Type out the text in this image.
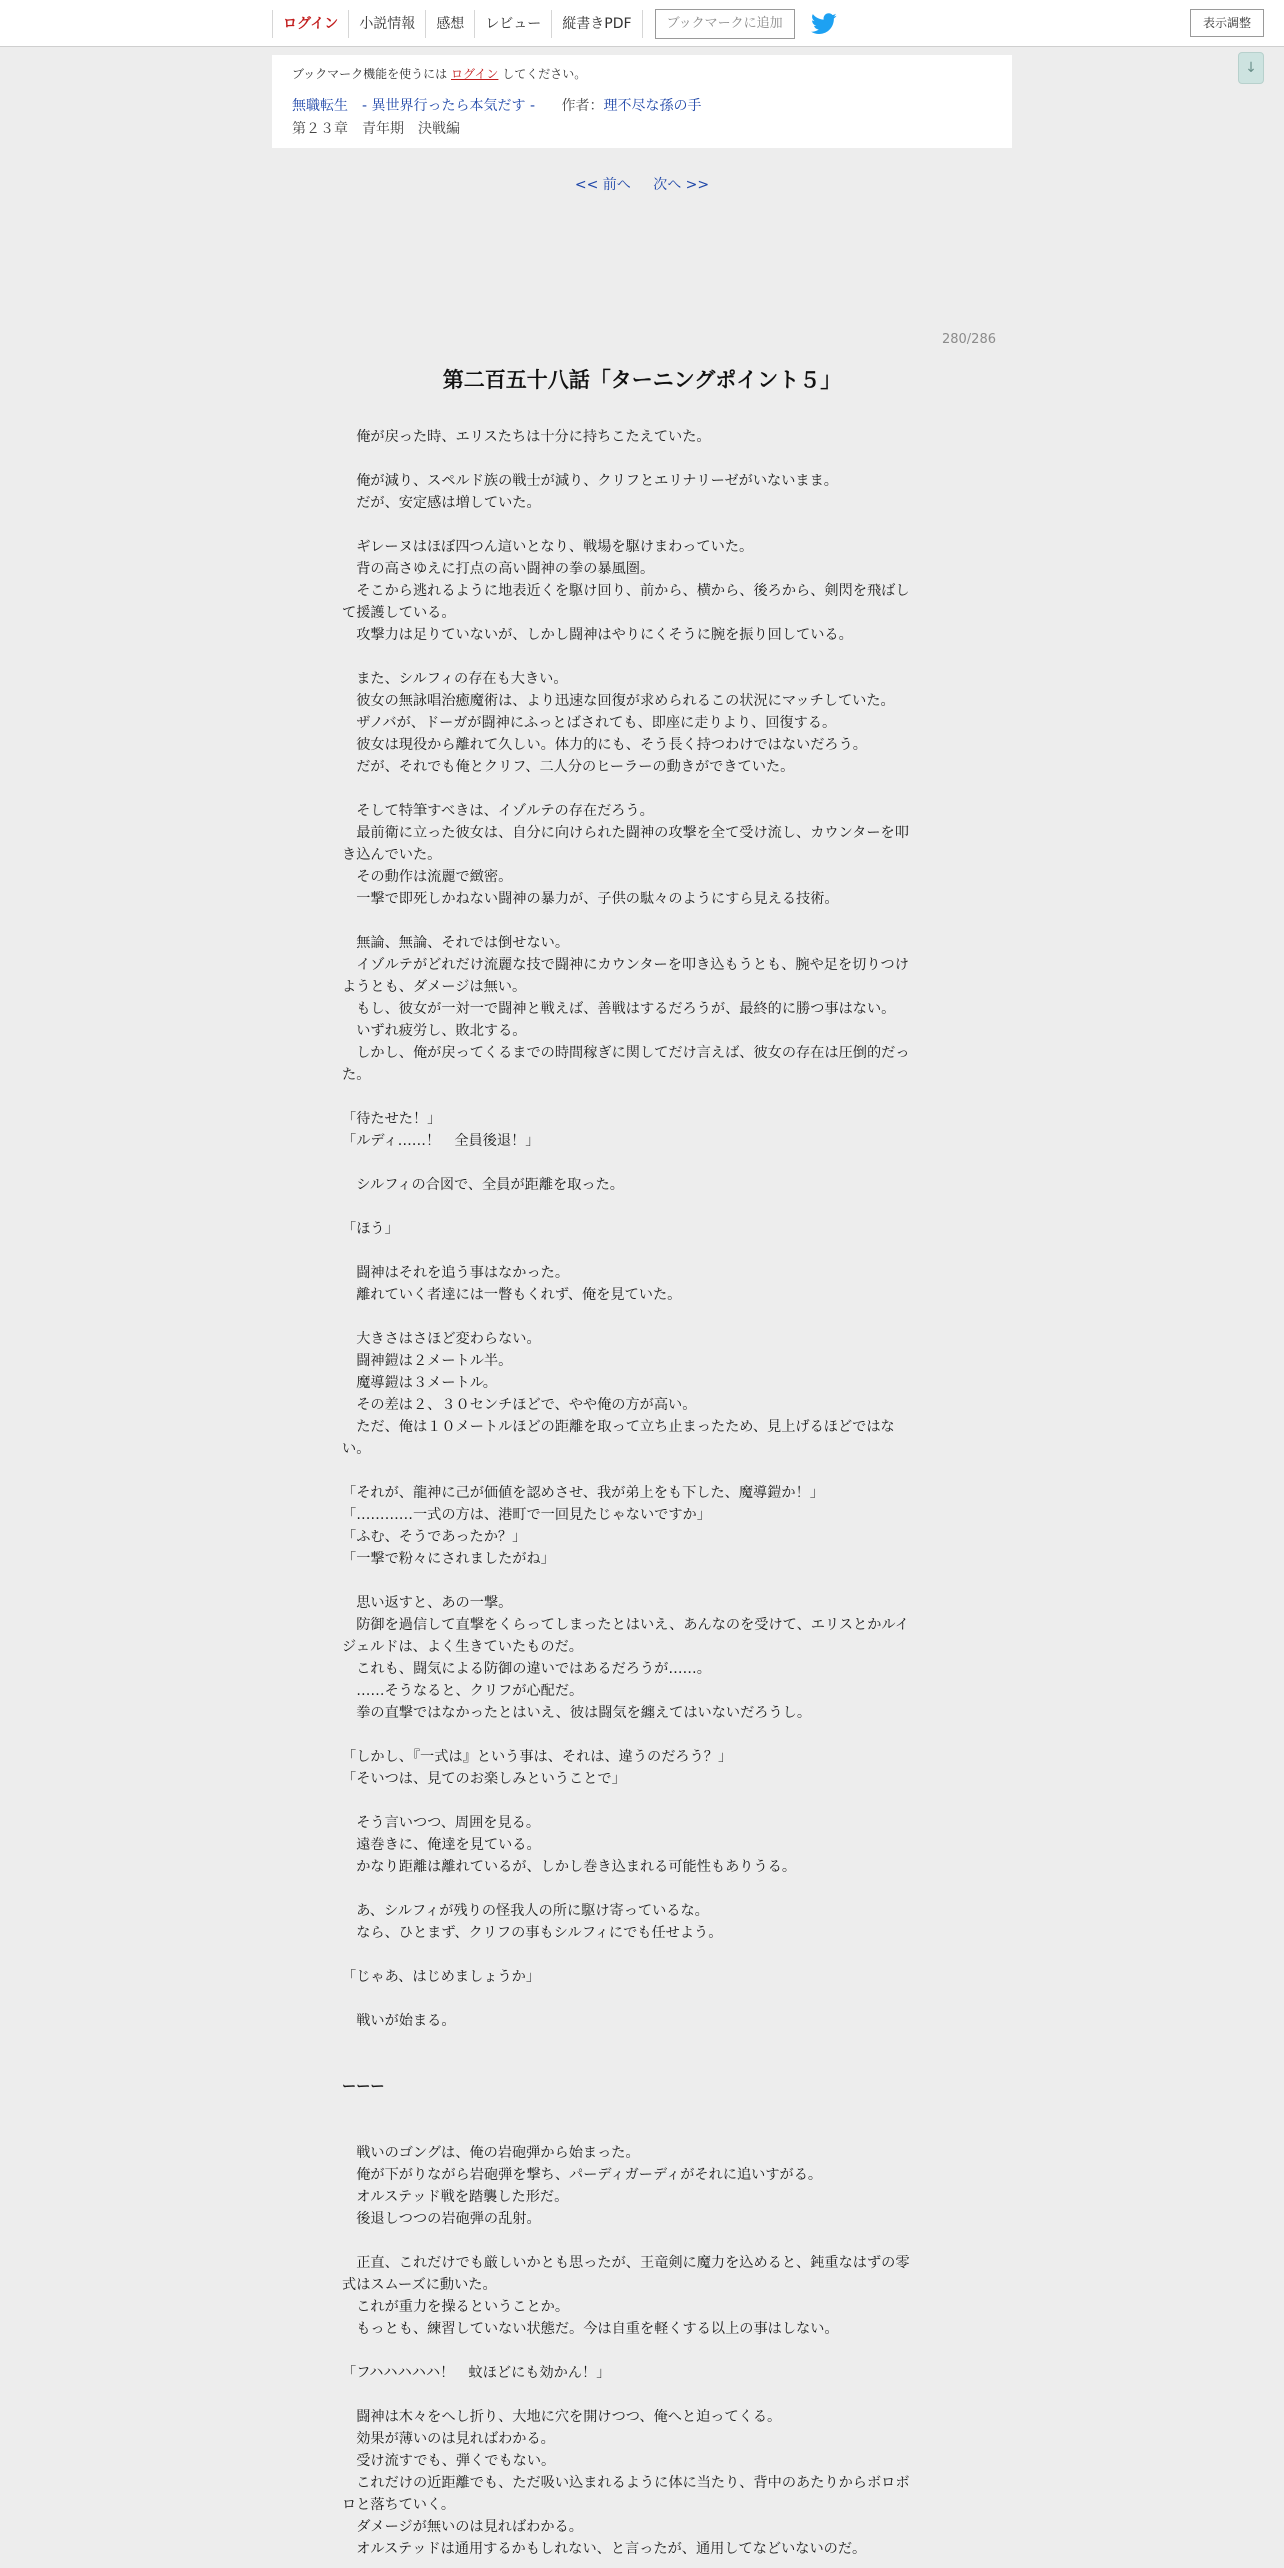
ログイン	小説情報	感想	レビュー	縦書きPDF	ブックマークに追加	表示調整
↓
ブックマーク機能を使うには ログイン してください。
無職転生　- 異世界行ったら本気だす - 作者：理不尽な孫の手
第２３章　青年期　決戦編
<< 前へ 次へ >>
280/286
第二百五十八話「ターニングポイント５」

　俺が戻った時、エリスたちは十分に持ちこたえていた。

　俺が減り、スペルド族の戦士が減り、クリフとエリナリーゼがいないまま。

　だが、安定感は増していた。

　ギレーヌはほぼ四つん這いとなり、戦場を駆けまわっていた。

　背の高さゆえに打点の高い闘神の拳の暴風圏。

　そこから逃れるように地表近くを駆け回り、前から、横から、後ろから、剣閃を飛ばし

て援護している。

　攻撃力は足りていないが、しかし闘神はやりにくそうに腕を振り回している。

　また、シルフィの存在も大きい。

　彼女の無詠唱治癒魔術は、より迅速な回復が求められるこの状況にマッチしていた。

　ザノバが、ドーガが闘神にふっとばされても、即座に走りより、回復する。

　彼女は現役から離れて久しい。体力的にも、そう長く持つわけではないだろう。

　だが、それでも俺とクリフ、二人分のヒーラーの動きができていた。

　そして特筆すべきは、イゾルテの存在だろう。

　最前衛に立った彼女は、自分に向けられた闘神の攻撃を全て受け流し、カウンターを叩

き込んでいた。

　その動作は流麗で緻密。

　一撃で即死しかねない闘神の暴力が、子供の駄々のようにすら見える技術。

　無論、無論、それでは倒せない。

　イゾルテがどれだけ流麗な技で闘神にカウンターを叩き込もうとも、腕や足を切りつけ

ようとも、ダメージは無い。

　もし、彼女が一対一で闘神と戦えば、善戦はするだろうが、最終的に勝つ事はない。

　いずれ疲労し、敗北する。

　しかし、俺が戻ってくるまでの時間稼ぎに関してだけ言えば、彼女の存在は圧倒的だっ

た。

「待たせた！」

「ルディ……！　全員後退！」

　シルフィの合図で、全員が距離を取った。

「ほう」

　闘神はそれを追う事はなかった。

　離れていく者達には一瞥もくれず、俺を見ていた。

　大きさはさほど変わらない。

　闘神鎧は２メートル半。

　魔導鎧は３メートル。

　その差は２、３０センチほどで、やや俺の方が高い。

　ただ、俺は１０メートルほどの距離を取って立ち止まったため、見上げるほどではな

い。

「それが、龍神に己が価値を認めさせ、我が弟上をも下した、魔導鎧か！」

「…………一式の方は、港町で一回見たじゃないですか」

「ふむ、そうであったか？」

「一撃で粉々にされましたがね」

　思い返すと、あの一撃。

　防御を過信して直撃をくらってしまったとはいえ、あんなのを受けて、エリスとかルイ

ジェルドは、よく生きていたものだ。

　これも、闘気による防御の違いではあるだろうが……。

　……そうなると、クリフが心配だ。

　拳の直撃ではなかったとはいえ、彼は闘気を纏えてはいないだろうし。

「しかし、『一式は』という事は、それは、違うのだろう？」

「そいつは、見てのお楽しみということで」

　そう言いつつ、周囲を見る。

　遠巻きに、俺達を見ている。

　かなり距離は離れているが、しかし巻き込まれる可能性もありうる。

　あ、シルフィが残りの怪我人の所に駆け寄っているな。

　なら、ひとまず、クリフの事もシルフィにでも任せよう。

「じゃあ、はじめましょうか」

　戦いが始まる。

ーーー

　戦いのゴングは、俺の岩砲弾から始まった。

　俺が下がりながら岩砲弾を撃ち、パーディガーディがそれに追いすがる。

　オルステッド戦を踏襲した形だ。

　後退しつつの岩砲弾の乱射。

　正直、これだけでも厳しいかとも思ったが、王竜剣に魔力を込めると、鈍重なはずの零

式はスムーズに動いた。

　これが重力を操るということか。

　もっとも、練習していない状態だ。今は自重を軽くする以上の事はしない。

「フハハハハハ！　蚊ほどにも効かん！」

　闘神は木々をへし折り、大地に穴を開けつつ、俺へと迫ってくる。

　効果が薄いのは見ればわかる。

　受け流すでも、弾くでもない。

　これだけの近距離でも、ただ吸い込まれるように体に当たり、背中のあたりからボロボ

ロと落ちていく。

　ダメージが無いのは見ればわかる。

　オルステッドは通用するかもしれない、と言ったが、通用してなどいないのだ。
